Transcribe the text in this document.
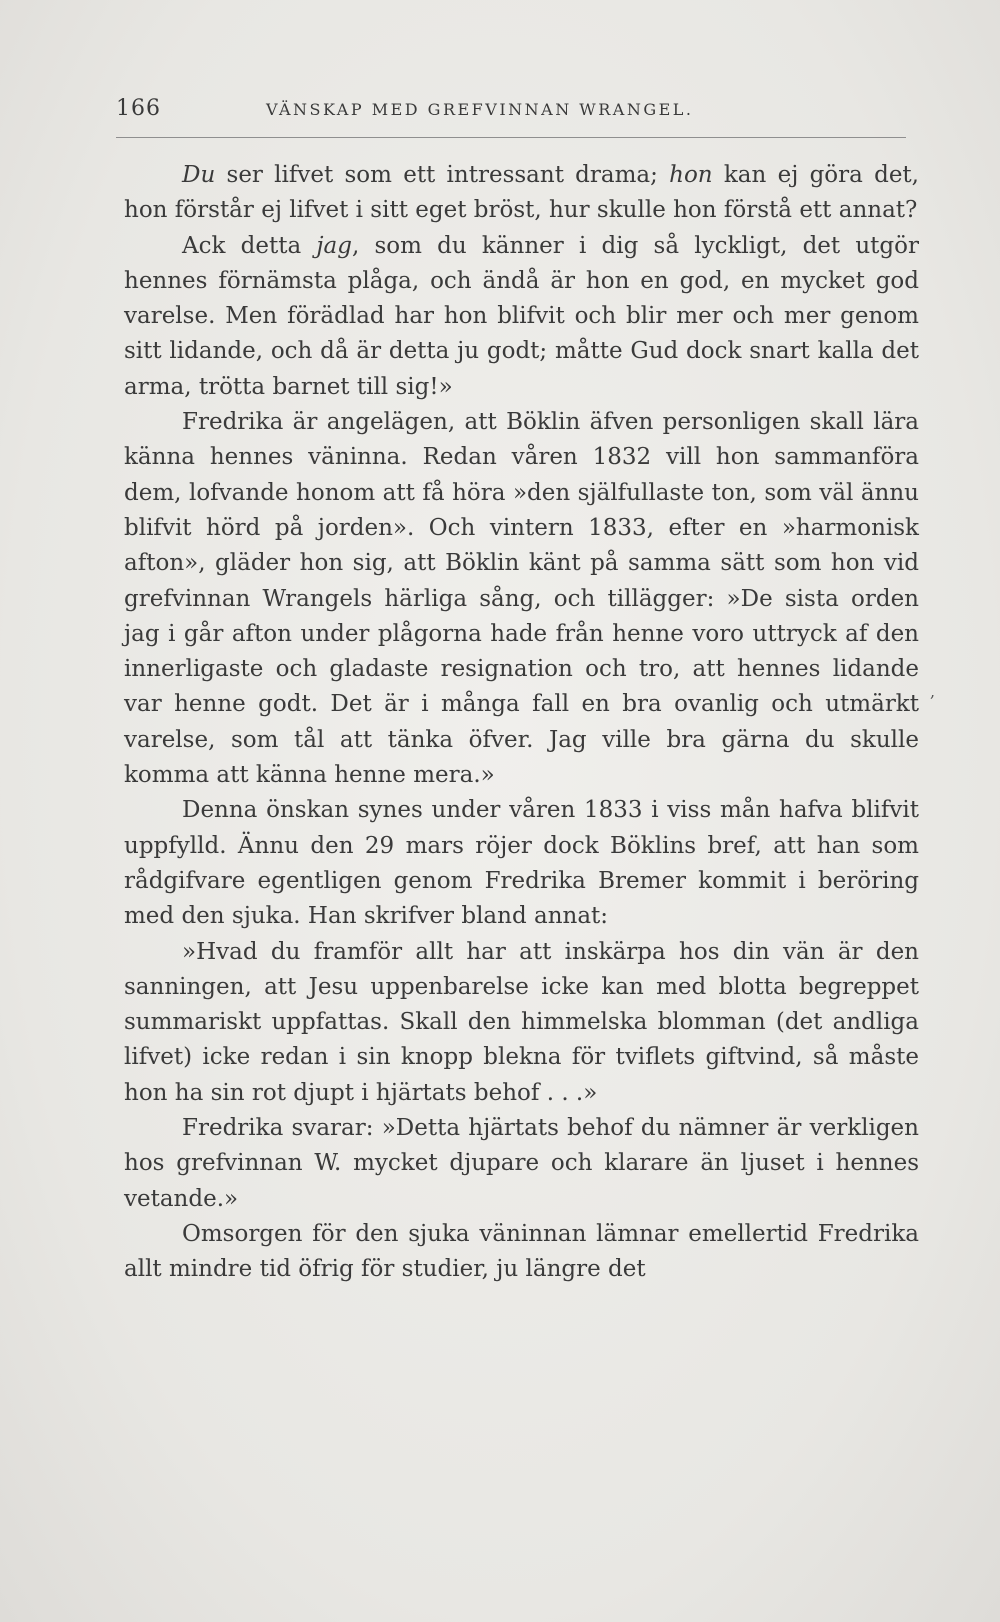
166	VÄNSKAP MED GREFVINNAN WRANGEL.

Du ser lifvet som ett intressant drama; hon kan ej göra det, hon förstår ej lifvet i sitt eget bröst, hur skulle hon förstå ett annat?

Ack detta jag, som du känner i dig så lyckligt, det utgör hennes förnämsta plåga, och ändå är hon en god, en mycket god varelse. Men förädlad har hon blifvit och blir mer och mer genom sitt lidande, och då är detta ju godt; måtte Gud dock snart kalla det arma, trötta barnet till sig!»

Fredrika är angelägen, att Böklin äfven personligen skall lära känna hennes väninna. Redan våren 1832 vill hon sammanföra dem, lofvande honom att få höra »den själfullaste ton, som väl ännu blifvit hörd på jorden». Och vintern 1833, efter en »harmonisk afton», gläder hon sig, att Böklin känt på samma sätt som hon vid grefvinnan Wrangels härliga sång, och tillägger: »De sista orden jag i går afton under plågorna hade från henne voro uttryck af den innerligaste och gladaste resignation och tro, att hennes lidande var henne godt. Det är i många fall en bra ovanlig och utmärkt varelse, som tål att tänka öfver. Jag ville bra gärna du skulle komma att känna henne mera.»

Denna önskan synes under våren 1833 i viss mån hafva blifvit uppfylld. Ännu den 29 mars röjer dock Böklins bref, att han som rådgifvare egentligen genom Fredrika Bremer kommit i beröring med den sjuka. Han skrifver bland annat:

»Hvad du framför allt har att inskärpa hos din vän är den sanningen, att Jesu uppenbarelse icke kan med blotta begreppet summariskt uppfattas. Skall den himmelska blomman (det andliga lifvet) icke redan i sin knopp blekna för tviflets giftvind, så måste hon ha sin rot djupt i hjärtats behof . . .»

Fredrika svarar: »Detta hjärtats behof du nämner är verkligen hos grefvinnan W. mycket djupare och klarare än ljuset i hennes vetande.»

Omsorgen för den sjuka väninnan lämnar emellertid Fredrika allt mindre tid öfrig för studier, ju längre det

,
